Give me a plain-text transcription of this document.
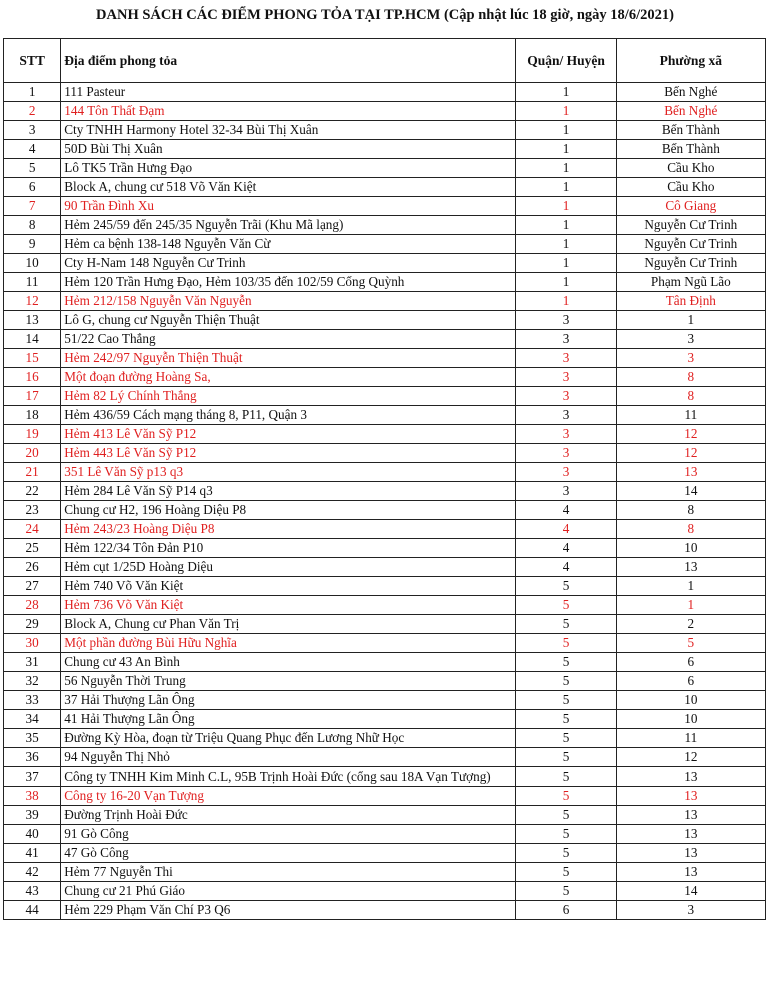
DANH SÁCH CÁC ĐIỂM PHONG TỎA TẠI TP.HCM (Cập nhật lúc 18 giờ, ngày 18/6/2021)
STT	Địa điểm phong tỏa	Quận/ Huyện	Phường xã
1	111 Pasteur	1	Bến Nghé
2	144 Tôn Thất Đạm	1	Bến Nghé
3	Cty TNHH Harmony Hotel 32-34 Bùi Thị Xuân	1	Bến Thành
4	50D Bùi Thị Xuân	1	Bến Thành
5	Lô TK5 Trần Hưng Đạo	1	Cầu Kho
6	Block A, chung cư 518 Võ Văn Kiệt	1	Cầu Kho
7	90 Trần Đình Xu	1	Cô Giang
8	Hẻm 245/59 đến 245/35 Nguyễn Trãi (Khu Mã lạng)	1	Nguyễn Cư Trinh
9	Hẻm ca bệnh 138-148 Nguyễn Văn Cừ	1	Nguyễn Cư Trinh
10	Cty H-Nam 148 Nguyễn Cư Trinh	1	Nguyễn Cư Trinh
11	Hẻm 120 Trần Hưng Đạo, Hẻm 103/35 đến 102/59 Cống Quỳnh	1	Phạm Ngũ Lão
12	Hẻm 212/158 Nguyễn Văn Nguyễn	1	Tân Định
13	Lô G, chung cư Nguyễn Thiện Thuật	3	1
14	51/22 Cao Thắng	3	3
15	Hẻm 242/97 Nguyễn Thiện Thuật	3	3
16	Một đoạn đường Hoàng Sa,	3	8
17	Hẻm 82 Lý Chính Thắng	3	8
18	Hẻm 436/59 Cách mạng tháng 8, P11, Quận 3	3	11
19	Hẻm 413 Lê Văn Sỹ P12	3	12
20	Hẻm 443 Lê Văn Sỹ P12	3	12
21	351 Lê Văn Sỹ p13 q3	3	13
22	Hẻm 284 Lê Văn Sỹ P14 q3	3	14
23	Chung cư H2, 196 Hoàng Diệu P8	4	8
24	Hẻm 243/23 Hoàng Diệu P8	4	8
25	Hẻm 122/34 Tôn Đản P10	4	10
26	Hẻm cụt 1/25D Hoàng Diệu	4	13
27	Hẻm 740 Võ Văn Kiệt	5	1
28	Hẻm 736 Võ Văn Kiệt	5	1
29	Block A, Chung cư Phan Văn Trị	5	2
30	Một phần đường Bùi Hữu Nghĩa	5	5
31	Chung cư 43 An Bình	5	6
32	56 Nguyễn Thời Trung	5	6
33	37 Hải Thượng Lãn Ông	5	10
34	41 Hải Thượng Lãn Ông	5	10
35	Đường Kỳ Hòa, đoạn từ Triệu Quang Phục đến Lương Nhữ Học	5	11
36	94 Nguyễn Thị Nhỏ	5	12
37	Công ty TNHH Kim Minh C.L, 95B Trịnh Hoài Đức (cổng sau 18A Vạn Tượng)	5	13
38	Công ty 16-20 Vạn Tượng	5	13
39	Đường Trịnh Hoài Đức	5	13
40	91 Gò Công	5	13
41	47 Gò Công	5	13
42	Hẻm 77 Nguyễn Thi	5	13
43	Chung cư 21 Phú Giáo	5	14
44	Hẻm 229 Phạm Văn Chí P3 Q6	6	3
